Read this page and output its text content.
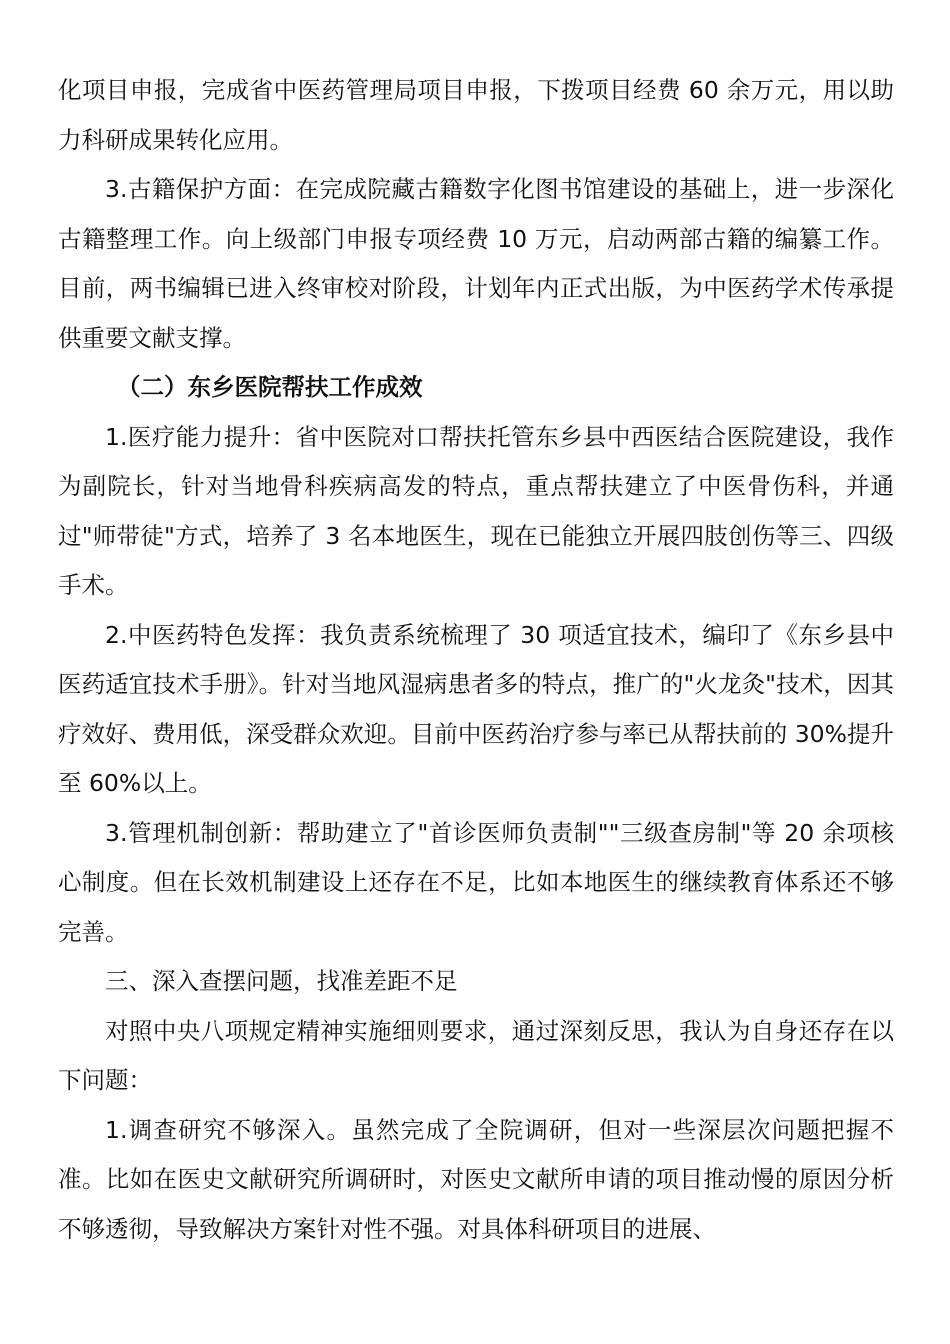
化项目申报，完成省中医药管理局项目申报，下拨项目经费 60 余万元，用以助力科研成果转化应用。

3.古籍保护方面：在完成院藏古籍数字化图书馆建设的基础上，进一步深化古籍整理工作。向上级部门申报专项经费 10 万元，启动两部古籍的编纂工作。目前，两书编辑已进入终审校对阶段，计划年内正式出版，为中医药学术传承提供重要文献支撑。

（二）东乡医院帮扶工作成效

1.医疗能力提升：省中医院对口帮扶托管东乡县中西医结合医院建设，我作为副院长，针对当地骨科疾病高发的特点，重点帮扶建立了中医骨伤科，并通过"师带徒"方式，培养了 3 名本地医生，现在已能独立开展四肢创伤等三、四级手术。

2.中医药特色发挥：我负责系统梳理了 30 项适宜技术，编印了《东乡县中医药适宜技术手册》。针对当地风湿病患者多的特点，推广的"火龙灸"技术，因其疗效好、费用低，深受群众欢迎。目前中医药治疗参与率已从帮扶前的 30%提升至 60%以上。

3.管理机制创新：帮助建立了"首诊医师负责制""三级查房制"等 20 余项核心制度。但在长效机制建设上还存在不足，比如本地医生的继续教育体系还不够完善。

三、深入查摆问题，找准差距不足

对照中央八项规定精神实施细则要求，通过深刻反思，我认为自身还存在以下问题：

1.调查研究不够深入。虽然完成了全院调研，但对一些深层次问题把握不准。比如在医史文献研究所调研时，对医史文献所申请的项目推动慢的原因分析不够透彻，导致解决方案针对性不强。对具体科研项目的进展、
